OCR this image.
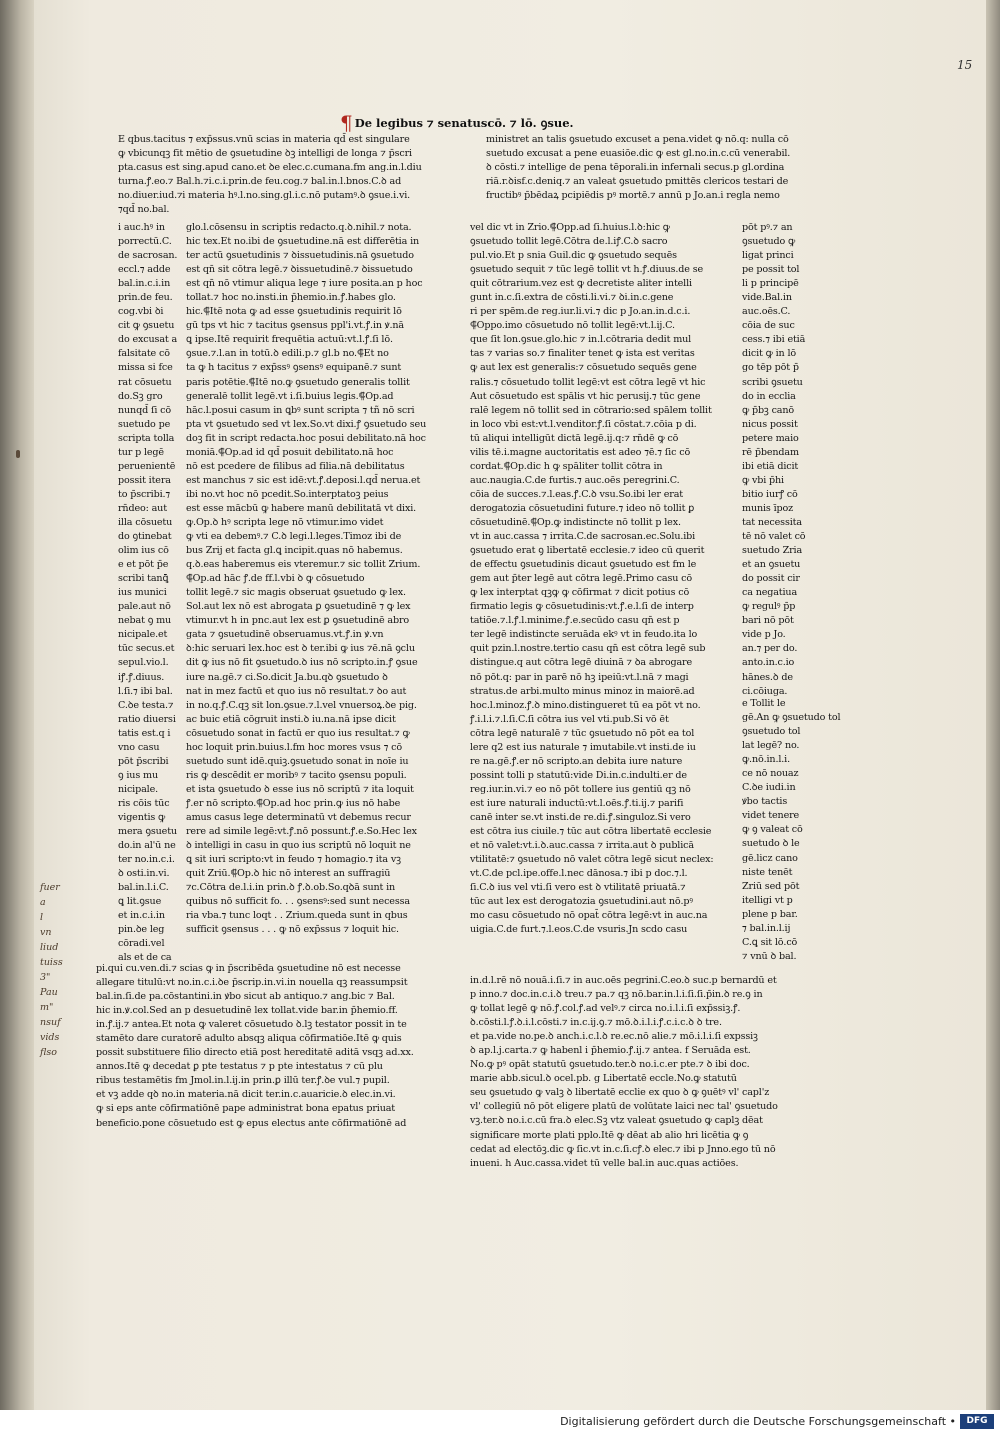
15
¶ De legibus ⁊ senatuscō. ⁊ lō. ꝯsue.
E qbus.tacitus ⁊ exp̄ssus.vnū scias in materia qd̄ est singulare
ꝙ vbicunqꝫ fit mētio de ꝯsuetudine ꝺꝫ intelligi de longa ⁊ p̄scri
pta.casus est sing.apud cano.et ꝺe elec.c.cumana.fm ang.in.l.diu
turna.ꝭ.eo.⁊ Bal.h.⁊i.c.i.prin.de feu.cog.⁊ bal.in.l.bnos.C.ꝺ ad
no.diuer.iud.⁊i materia hꝰ.l.no.sing.gl.i.c.nō putamꝰ.ꝺ ꝯsue.i.vi.
⁊qd̄ no.bal.
i auc.hꝰ in
porrectū.C.
de sacrosan.
eccl.⁊ adde
bal.in.c.i.in
prin.de feu.
cog.vbi ꝺi
cit ꝙ ꝯsuetu
do excusat a
falsitate cō
missa si fce
rat cōsuetu
do.Sꝫ gro
nunqd̄ ſi cō
suetudo pe
scripta tolla
tur p legē
peruenientē
possit itera
to p̄scribi.⁊
rn̄deo: aut
illa cōsuetu
do ꝯtinebat
olim ius cō
e et pōt p̄e
scribi tanꝗ̄
ius munici
pale.aut nō
nebat ꝯ mu
nicipale.et
tūc secus.et
sepul.vio.l.
iꝭ.ꝭ.diuus.
l.ſi.⁊ ibi bal.
C.ꝺe testa.⁊
ratio diuersi
tatis est.q i
vno casu
pōt p̄scribi
ꝯ ius mu
nicipale.
ris cōis tūc
vigentis ꝙ
mera ꝯsuetu
do.in al'ū ne
ter no.in.c.i.
ꝺ osti.in.vi.
bal.in.l.i.C.
ꝗ lit.ꝯsue
et in.c.i.in
pin.ꝺe leg
cōradi.vel
als et de ca
glo.l.cōsensu in scriptis redacto.q.ꝺ.nihil.⁊ nota.
hic tex.Et no.ibi de ꝯsuetudine.nā est differētia in
ter actū ꝯsuetudinis ⁊ ꝺissuetudinis.nā ꝯsuetudo
est qn̄ sit cōtra legē.⁊ ꝺissuetudinē.⁊ ꝺissuetudo
est qn̄ nō vtimur aliqua lege ⁊ iure posita.an p hoc
tollat.⁊ hoc no.insti.in p̄hemio.in.ꝭ.habes glo.
hic.⸿Itē nota ꝙ ad esse ꝯsuetudinis requirit lō
gū tps vt hic ⁊ tacitus ꝯsensus ppl'i.vt.ꝭ.in ꝟ.nā
ꝗ ipse.Itē requirit frequētia actuū:vt.l.ꝭ.ſi lō.
ꝯsue.⁊.l.an in totū.ꝺ edili.p.⁊ gl.b no.⸿Et no
ta ꝙ h tacitus ⁊ exp̄ssꝰ ꝯsensꝰ equipanē.⁊ sunt
paris potētie.⸿Itē no.ꝙ ꝯsuetudo generalis tollit
generalē tollit legē.vt i.ſi.buius legis.⸿Op.ad
hāc.l.posui casum in ꝗbꝰ sunt scripta ⁊ tñ nō scri
pta vt ꝯsuetudo sed vt lex.So.vt dixi.ꝭ ꝯsuetudo seu
doꝫ fit in script redacta.hoc posui debilitato.nā hoc
moniā.⸿Op.ad id qd̄ posuit debilitato.nā hoc
nō est pcedere de filibus ad filia.nā debilitatus
est manchus ⁊ sic est idē:vt.ꝭ.deposi.l.qd̄ nerua.et
ibi no.vt hoc nō pcedit.So.interptatoꝫ peius
est esse mācbū ꝙ habere manū debilitatā vt dixi.
ꝙ.Op.ꝺ hꝰ scripta lege nō vtimur.imo videt
ꝙ vti ea debemꝰ.⁊ C.ꝺ legi.l.leges.Timoz ibi de
bus Zrij et facta gl.ꝗ incipit.quas nō habemus.
q.ꝺ.eas haberemus eis vteremur.⁊ sic tollit Zrium.
⸿Op.ad hāc ꝭ.de ff.l.vbi ꝺ ꝙ cōsuetudo
tollit legē.⁊ sic magis obseruat ꝯsuetudo ꝙ lex.
Sol.aut lex nō est abrogata ꝑ ꝯsuetudinē ⁊ ꝙ lex
vtimur.vt h in pnc.aut lex est ꝑ ꝯsuetudinē abro
gata ⁊ ꝯsuetudinē obseruamus.vt.ꝭ.in ꝟ.vn
ꝺ:hic seruari lex.hoc est ꝺ ter.ibi ꝙ ius ⁊ē.nā ꝯclu
dit ꝙ ius nō fit ꝯsuetudo.ꝺ ius nō scripto.in.ꝭ ꝯsue
iure na.gē.⁊ ci.So.dicit Ja.bu.qꝺ ꝯsuetudo ꝺ
nat in mez factū et quo ius nō resultat.⁊ ꝺo aut
in no.q.ꝭ.C.qꝫ sit lon.ꝯsue.⁊.l.vel vnuersoꝝ.ꝺe pig.
ac buic etiā cōgruit insti.ꝺ iu.na.nā ipse dicit
cōsuetudo sonat in factū er quo ius resultat.⁊ ꝙ
hoc loquit prin.buius.l.fm hoc mores vsus ⁊ cō
suetudo sunt idē.quiꝫ.ꝯsuetudo sonat in noīe iu
ris ꝙ descēdit er moribꝰ ⁊ tacito ꝯsensu populi.
et ista ꝯsuetudo ꝺ esse ius nō scriptū ⁊ ita loquit
ꝭ.er nō scripto.⸿Op.ad hoc prin.ꝙ ius nō habe
amus casus lege determinatū vt debemus recur
rere ad simile legē:vt.ꝭ.nō possunt.ꝭ.e.So.Hec lex
ꝺ intelligi in casu in quo ius scriptū nō loquit ne
ꝗ sit iuri scripto:vt in feudo ⁊ homagio.⁊ ita vꝫ
quit Zriū.⸿Op.ꝺ hic nō interest an suffragiū
⁊c.Cōtra de.l.i.in prin.ꝺ ꝭ.ꝺ.ob.So.qꝺā sunt in
quibus nō sufficit fo. . . ꝯsensꝰ:sed sunt necessa
ria vba.⁊ tunc loqt . . Zrium.queda sunt in qbus
sufficit ꝯsensus . . . ꝙ nō exp̄ssus ⁊ loquit hic.
pi.qui cu.ven.di.⁊ scias ꝙ in p̄scribēda ꝯsuetudine nō est necesse
allegare titulū:vt no.in.c.i.ꝺe p̄scrip.in.vi.in nouella qꝫ reassumpsit
bal.in.ſi.de pa.cōstantini.in ꝟbo sicut ab antiquo.⁊ ang.bic ⁊ Bal.
hic in.ꝟ.col.Sed an p desuetudinē lex tollat.vide bar.in p̄hemio.ff.
in.ꝭ.ij.⁊ antea.Et nota ꝙ valeret cōsuetudo ꝺ.lꝫ testator possit in te
stamēto dare curatorē adulto absqꝫ aliqua cōfirmatiōe.Itē ꝙ quis
possit substituere filio directo etiā post hereditatē aditā vsqꝫ ad.xx.
annos.Itē ꝙ decedat ꝑ pte testatus ⁊ p pte intestatus ⁊ cū plu
ribus testamētis fm Jmol.in.l.ij.in prin.ꝑ illū ter.ꝭ.ꝺe vul.⁊ pupil.
et vꝫ adde qꝺ no.in materia.nā dicit ter.in.c.auaricie.ꝺ elec.in.vi.
ꝙ si eps ante cōfirmatiōnē pape administrat bona epatus priuat
beneficio.pone cōsuetudo est ꝙ epus electus ante cōfirmatiōnē ad
ministret an talis ꝯsuetudo excuset a pena.videt ꝙ nō.q: nulla cō
suetudo excusat a pene euasiōe.dic ꝙ est gl.no.in.c.cū venerabil.
ꝺ cōsti.⁊ intellige de pena tēporali.in infernali secus.p gl.ordina
riā.r.ꝺisf.c.deniq.⁊ an valeat ꝯsuetudo pmittēs clericos testari de
fructibꝰ p̄bēdaꝝ pcipiēdis pꝰ mortē.⁊ annū p Jo.an.i regla nemo
vel dic vt in Zrio.⸿Opp.ad ſi.huius.l.ꝺ:hic ꝙ
ꝯsuetudo tollit legē.Cōtra de.l.iꝭ.C.ꝺ sacro
pul.vio.Et p snia Guil.dic ꝙ ꝯsuetudo sequēs
ꝯsuetudo sequit ⁊ tūc legē tollit vt h.ꝭ.diuus.de se
quit cōtrarium.vez est ꝙ decretiste aliter intelli
gunt in.c.ſi.extra de cōsti.li.vi.⁊ ꝺi.in.c.gene
ri per spēm.de reg.iur.li.vi.⁊ dic p Jo.an.in.d.c.i.
⸿Oppo.imo cōsuetudo nō tollit legē:vt.l.ij.C.
que ſit lon.ꝯsue.glo.hic ⁊ in.l.cōtraria dedit mul
tas ⁊ varias so.⁊ finaliter tenet ꝙ ista est veritas
ꝙ aut lex est generalis:⁊ cōsuetudo sequēs gene
ralis.⁊ cōsuetudo tollit legē:vt est cōtra legē vt hic
Aut cōsuetudo est spālis vt hic perusij.⁊ tūc gene
ralē legem nō tollit sed in cōtrario:sed spālem tollit
in loco vbi est:vt.l.venditor.ꝭ.ſi cōstat.⁊.cōia p di.
tū aliqui intelligūt dictā legē.ij.q:⁊ rn̄dē ꝙ cō
vilis tē.i.magne auctoritatis est adeo ⁊ē.⁊ ſic cō
cordat.⸿Op.dic h ꝙ spāliter tollit cōtra in
auc.naugia.C.de furtis.⁊ auc.oēs peregrini.C.
cōia de succes.⁊.l.eas.ꝭ.C.ꝺ vsu.So.ibi ler erat
derogatozia cōsuetudini future.⁊ ideo nō tollit ꝑ
cōsuetudinē.⸿Op.ꝙ indistincte nō tollit p lex.
vt in auc.cassa ⁊ irrita.C.de sacrosan.ec.Solu.ibi
ꝯsuetudo erat ꝯ libertatē ecclesie.⁊ ideo cū querit
de effectu ꝯsuetudinis dicaut ꝯsuetudo est fm le
gem aut p̄ter legē aut cōtra legē.Primo casu cō
ꝙ lex interptat qꝫꝙ ꝙ cōfirmat ⁊ dicit potius cō
firmatio legis ꝙ cōsuetudinis:vt.ꝭ.e.l.ſi de interp
tatiōe.⁊.l.ꝭ.l.minime.ꝭ.e.secūdo casu qn̄ est p
ter legē indistincte seruāda ekꝰ vt in feudo.ita lo
quit pzin.l.nostre.tertio casu qn̄ est cōtra legē sub
distingue.q aut cōtra legē diuinā ⁊ ꝺa abrogare
nō pōt.q: par in parē nō hꝫ ipeiū:vt.l.nā ⁊ magi
stratus.de arbi.multo minus minoz in maiorē.ad
hoc.l.minoz.ꝭ.ꝺ mino.distingueret tū ea pōt vt no.
ꝭ.i.l.i.⁊.l.ſi.C.ſi cōtra ius vel vti.pub.Si vō ēt
cōtra legē naturalē ⁊ tūc ꝯsuetudo nō pōt ea tol
lere q2 est ius naturale ⁊ imutabile.vt insti.de iu
re na.gē.ꝭ.er nō scripto.an debita iure nature
possint tolli p statutū:vide Di.in.c.indulti.er de
reg.iur.in.vi.⁊ eo nō pōt tollere ius gentiū qꝫ nō
est iure naturali inductū:vt.l.oēs.ꝭ.ti.ij.⁊ parifi
canē inter se.vt insti.de re.di.ꝭ.singuloz.Si vero
est cōtra ius ciuile.⁊ tūc aut cōtra libertatē ecclesie
et nō valet:vt.i.ꝺ.auc.cassa ⁊ irrita.aut ꝺ publicā
vtilitatē:⁊ ꝯsuetudo nō valet cōtra legē sicut neclex:
vt.C.de pcl.ipe.offe.l.nec dānosa.⁊ ibi p doc.⁊.l.
ſi.C.ꝺ ius vel vti.ſi vero est ꝺ vtilitatē priuatā.⁊
tūc aut lex est derogatozia ꝯsuetudini.aut nō.pꝰ
mo casu cōsuetudo nō opat̄ cōtra legē:vt in auc.na
uigia.C.de furt.⁊.l.eos.C.de vsuris.Jn scdo casu
pōt pꝰ.⁊ an
ꝯsuetudo ꝙ
ligat princi
pe possit tol
li p principē
vide.Bal.in
auc.oēs.C.
cōia de suc
cess.⁊ ibi etiā
dicit ꝙ in lō
go tēp pōt p̄
scribi ꝯsuetu
do in ecclia
ꝙ p̄bꝫ canō
nicus possit
petere maio
rē p̄bendam
ibi etiā dicit
ꝙ vbi p̄hi
bitio iurꝭ cō
munis īpoz
tat necessita
tē nō valet cō
suetudo Zria
et an ꝯsuetu
do possit cir
ca negatiua
ꝙ regulꝰ p̄p
bari nō pōt
vide p Jo.
an.⁊ per do.
anto.in.c.io
hānes.ꝺ de
ci.cōiuga.
e Tollit le
gē.An ꝙ ꝯsuetudo tol
ꝯsuetudo tol
lat legē? no.
ꝙ.nō.in.l.i.
ce nō nouaz
C.ꝺe iudi.in
ꝟbo tactis
videt tenere
ꝙ ꝯ valeat cō
suetudo ꝺ le
gē.licz cano
niste tenēt
Zriū sed pōt
itelligi vt p
plene p bar.
⁊ bal.in.l.ij
C.ꝗ sit lō.cō
⁊ vnū ꝺ bal.
in.d.l.rē nō nouā.i.ſi.⁊ in auc.oēs pegrini.C.eo.ꝺ suc.p bernardū et
p inno.⁊ doc.in.c.i.ꝺ treu.⁊ pa.⁊ qꝫ nō.bar.in.l.i.ſi.ſi.p̄in.ꝺ re.ꝯ in
ꝙ tollat legē ꝙ nō.ꝭ.col.ꝭ.ad velꝰ.⁊ circa no.i.l.i.ſi exp̄ssiꝫ.ꝭ.
ꝺ.cōsti.l.ꝭ.ꝺ.i.l.cōsti.⁊ in.c.ij.ꝯ.⁊ mō.ꝺ.i.l.i.ꝭ.c.i.c.ꝺ ꝺ tre.
et pa.vide no.pe.ꝺ anch.i.c.l.ꝺ re.ec.nō alie.⁊ mō.i.l.i.ſi expssiꝫ
ꝺ ap.l.j.carta.⁊ ꝙ habenl i p̄hemio.ꝭ.ij.⁊ antea. f Seruāda est.
No.ꝙ pꝰ opāt statutū ꝯsuetudo.ter.ꝺ no.i.c.er pte.⁊ ꝺ ibi doc.
marie abb.sicul.ꝺ ocel.pb. g Libertatē eccle.No.ꝙ statutū
seu ꝯsuetudo ꝙ valꝫ ꝺ libertatē ecclie ex quo ꝺ ꝙ ꝯuētꝰ vl' capl'z
vl' collegiū nō pōt eligere platū de volūtate laici nec tal' ꝯsuetudo
vꝫ.ter.ꝺ no.i.c.cū fra.ꝺ elec.Sꝫ vtz valeat ꝯsuetudo ꝙ caplꝫ dēat
significare morte plati pplo.Itē ꝙ dēat ab alio hri licētia ꝙ ꝯ
cedat ad electōꝫ.dic ꝙ ſic.vt in.c.ſi.cꝭ.ꝺ elec.⁊ ibi p Jnno.ego tū nō
inueni. h Auc.cassa.videt tū velle bal.in auc.quas actiōes.
fuer
a
l
vn
liud
tuiss
3"
Pau
m"
nsuf
vids
flso
Digitalisierung gefördert durch die Deutsche Forschungsgemeinschaft •	DFG
